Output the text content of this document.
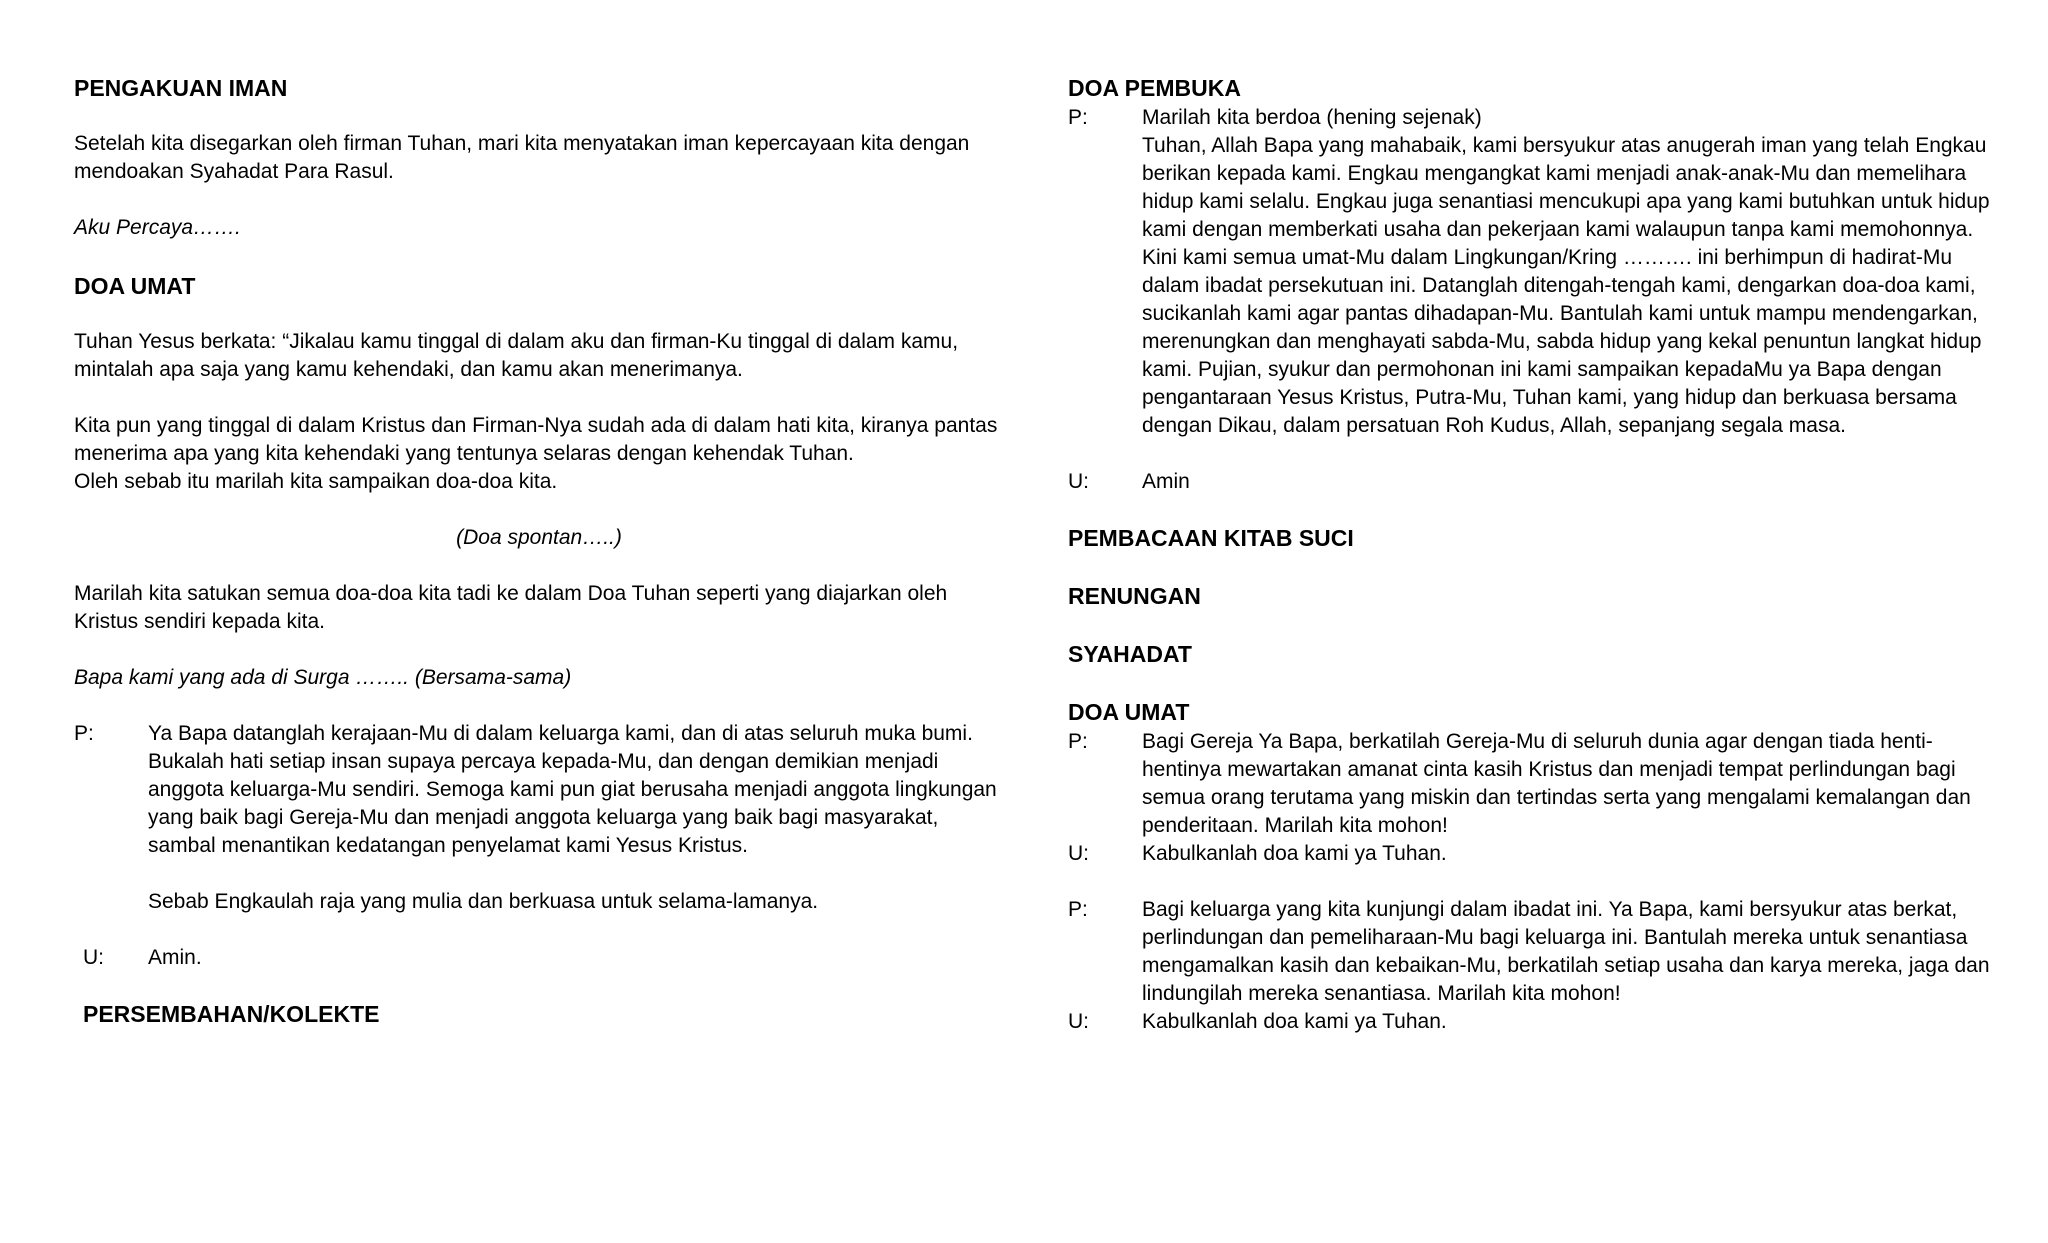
PENGAKUAN IMAN

Setelah kita disegarkan oleh firman Tuhan, mari kita menyatakan iman kepercayaan kita dengan mendoakan Syahadat Para Rasul.

Aku Percaya…….

DOA UMAT

Tuhan Yesus berkata: “Jikalau kamu tinggal di dalam aku dan firman-Ku tinggal di dalam kamu, mintalah apa saja yang kamu kehendaki, dan kamu akan menerimanya.

Kita pun yang tinggal di dalam Kristus dan Firman-Nya sudah ada di dalam hati kita, kiranya pantas menerima apa yang kita kehendaki yang tentunya selaras dengan kehendak Tuhan.

Oleh sebab itu marilah kita sampaikan doa-doa kita.

(Doa spontan…..)

Marilah kita satukan semua doa-doa kita tadi ke dalam Doa Tuhan seperti yang diajarkan oleh Kristus sendiri kepada kita.

Bapa kami yang ada di Surga …….. (Bersama-sama)

P:	Ya Bapa datanglah kerajaan-Mu di dalam keluarga kami, dan di atas seluruh muka bumi.

Bukalah hati setiap insan supaya percaya kepada-Mu, dan dengan demikian menjadi anggota keluarga-Mu sendiri. Semoga kami pun giat berusaha menjadi anggota lingkungan yang baik bagi Gereja-Mu dan menjadi anggota keluarga yang baik bagi masyarakat, sambal menantikan kedatangan penyelamat kami Yesus Kristus.

Sebab Engkaulah raja yang mulia dan berkuasa untuk selama-lamanya.

U:	Amin.

PERSEMBAHAN/KOLEKTE

DOA PEMBUKA

P:	Marilah kita berdoa (hening sejenak)

Tuhan, Allah Bapa yang mahabaik, kami bersyukur atas anugerah iman yang telah Engkau berikan kepada kami. Engkau mengangkat kami menjadi anak-anak-Mu dan memelihara hidup kami selalu. Engkau juga senantiasi mencukupi apa yang kami butuhkan untuk hidup kami dengan memberkati usaha dan pekerjaan kami walaupun tanpa kami memohonnya. Kini kami semua umat-Mu dalam Lingkungan/Kring ………. ini berhimpun di hadirat-Mu dalam ibadat persekutuan ini. Datanglah ditengah-tengah kami, dengarkan doa-doa kami, sucikanlah kami agar pantas dihadapan-Mu. Bantulah kami untuk mampu mendengarkan, merenungkan dan menghayati sabda-Mu, sabda hidup yang kekal penuntun langkat hidup kami. Pujian, syukur dan permohonan ini kami sampaikan kepadaMu ya Bapa dengan pengantaraan Yesus Kristus, Putra-Mu, Tuhan kami, yang hidup dan berkuasa bersama dengan Dikau, dalam persatuan Roh Kudus, Allah, sepanjang segala masa.

U:	Amin

PEMBACAAN KITAB SUCI

RENUNGAN

SYAHADAT

DOA UMAT

P:	Bagi Gereja Ya Bapa, berkatilah Gereja-Mu di seluruh dunia agar dengan tiada henti-hentinya mewartakan amanat cinta kasih Kristus dan menjadi tempat perlindungan bagi semua orang terutama yang miskin dan tertindas serta yang mengalami kemalangan dan penderitaan. Marilah kita mohon!

U:	Kabulkanlah doa kami ya Tuhan.

P:	Bagi keluarga yang kita kunjungi dalam ibadat ini. Ya Bapa, kami bersyukur atas berkat, perlindungan dan pemeliharaan-Mu bagi keluarga ini. Bantulah mereka untuk senantiasa mengamalkan kasih dan kebaikan-Mu, berkatilah setiap usaha dan karya mereka, jaga dan lindungilah mereka senantiasa. Marilah kita mohon!

U:	Kabulkanlah doa kami ya Tuhan.
